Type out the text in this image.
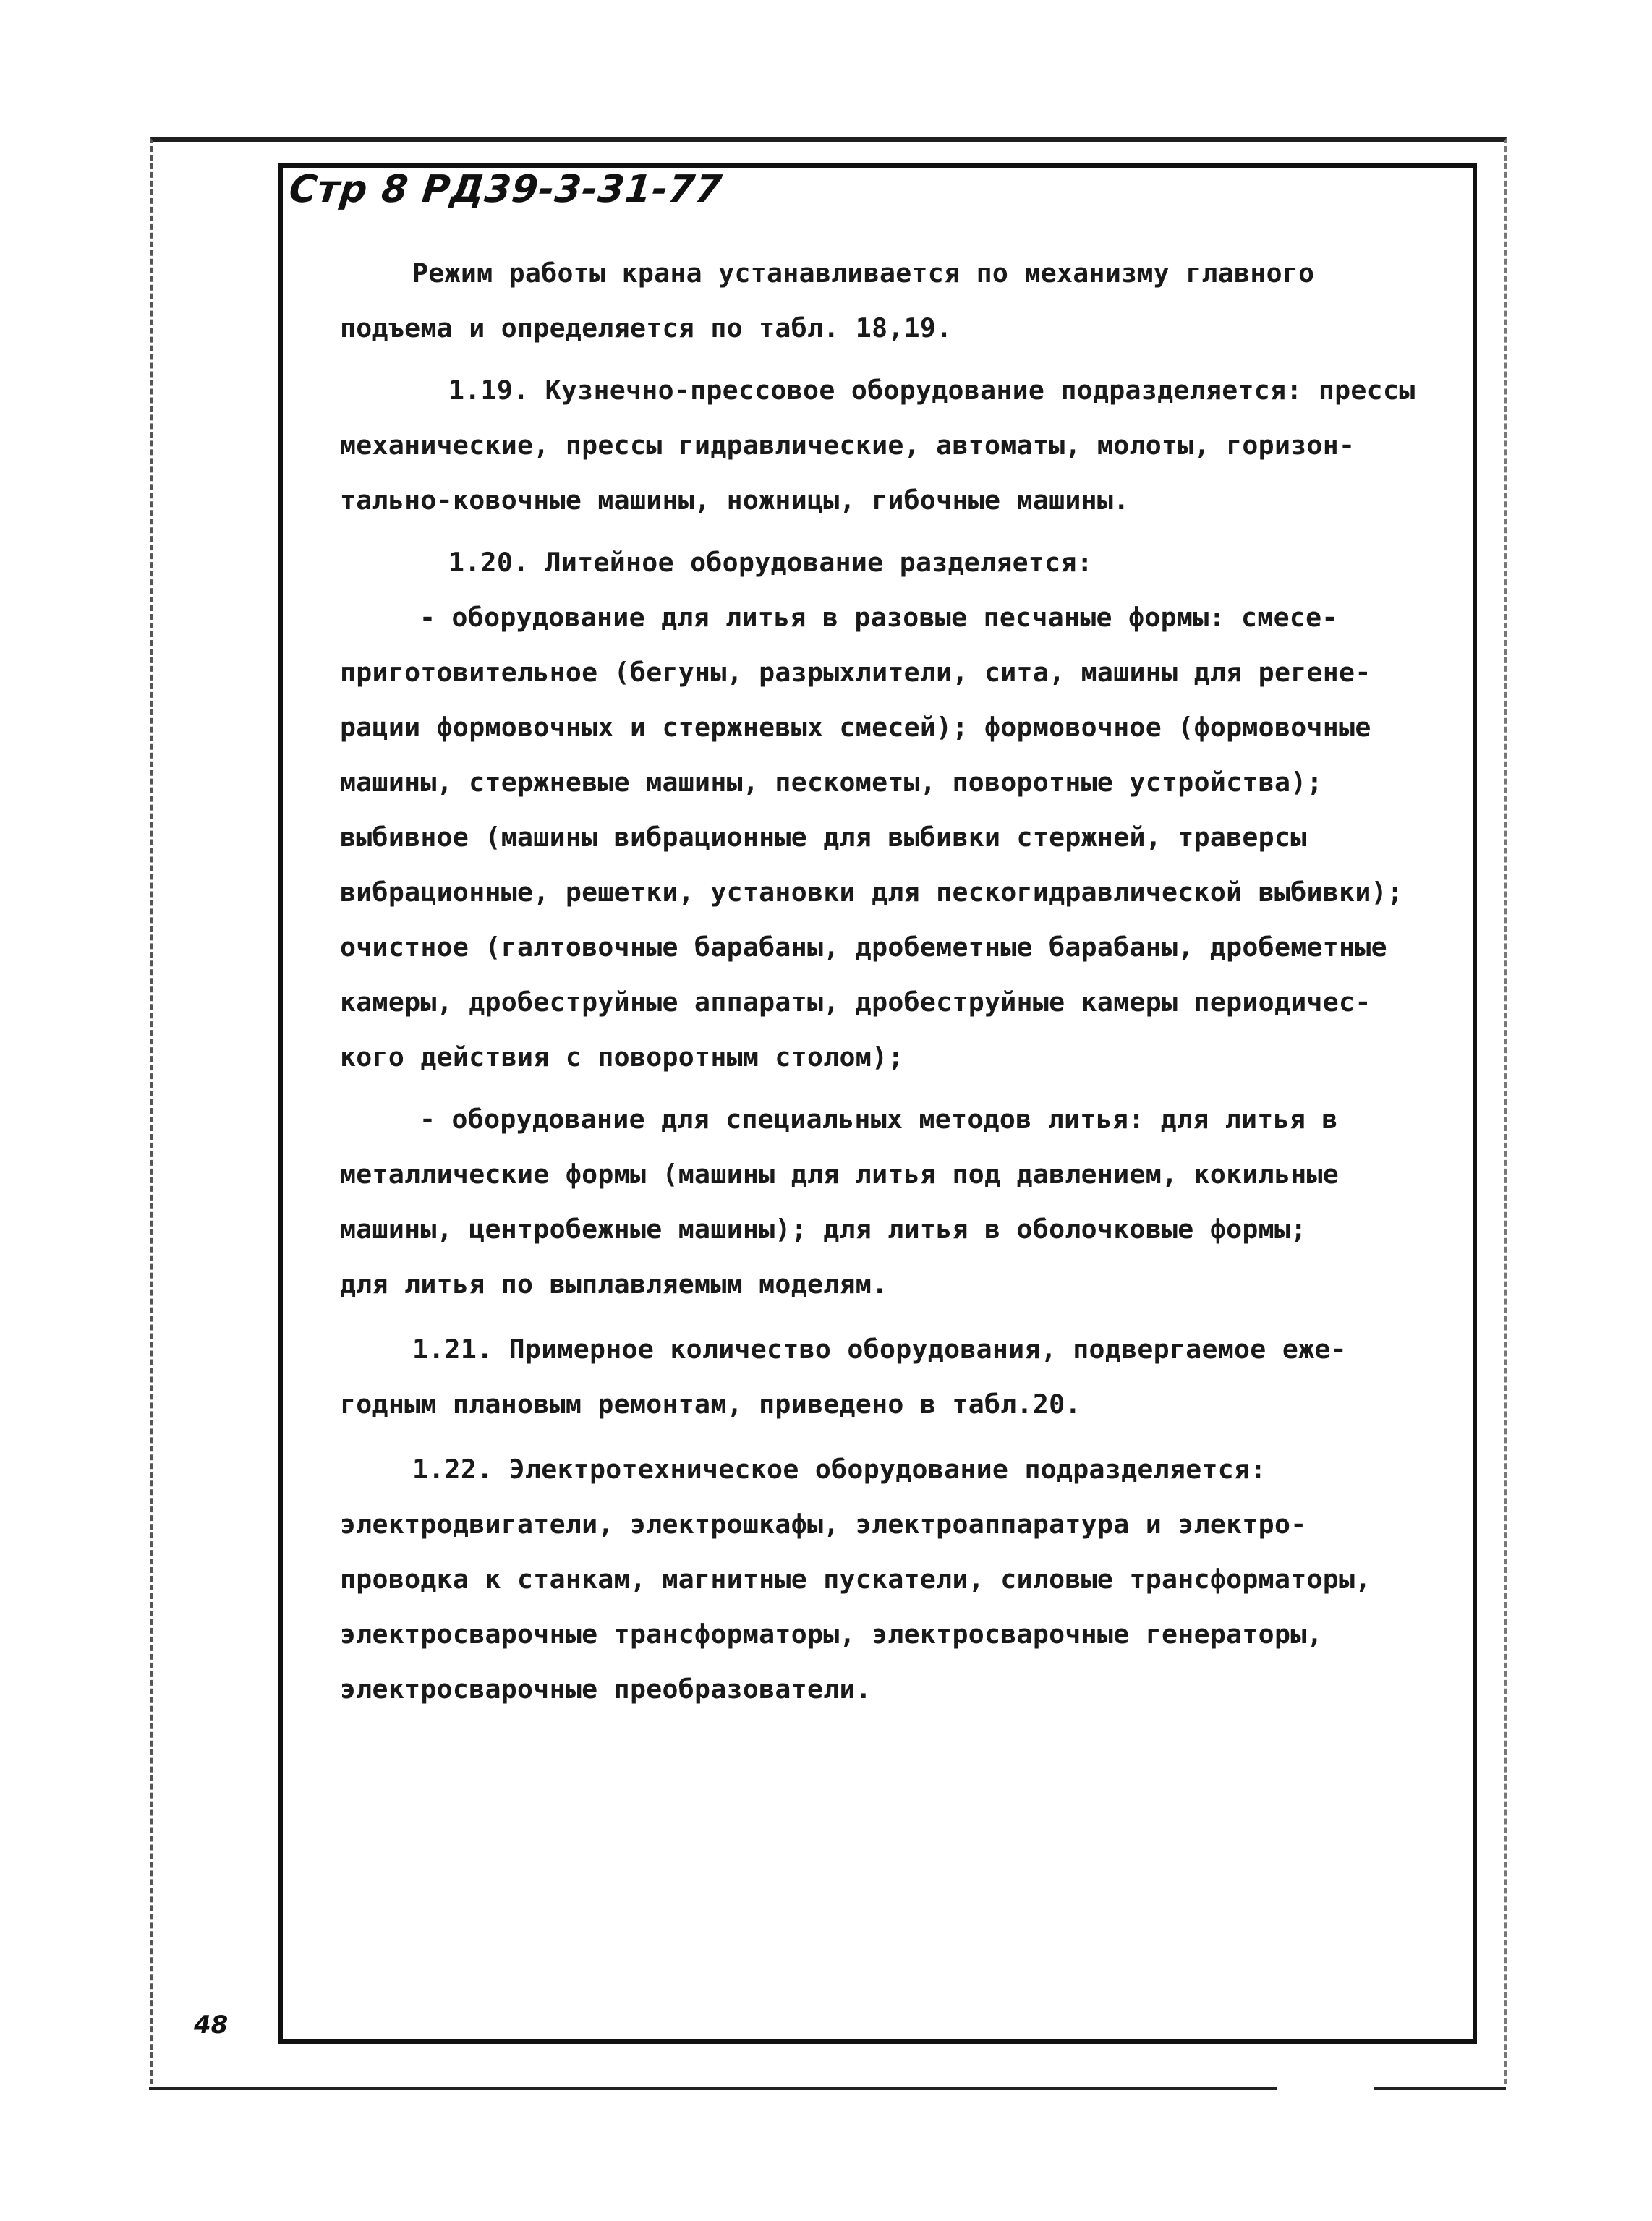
Стр 8 РД39-3-31-77
Режим работы крана устанавливается по механизму главного
подъема и определяется по табл. 18,19.
1.19. Кузнечно-прессовое оборудование подразделяется: прессы
механические, прессы гидравлические, автоматы, молоты, горизон-
тально-ковочные машины, ножницы, гибочные машины.
1.20. Литейное оборудование разделяется:
- оборудование для литья в разовые песчаные формы: смесе-
приготовительное (бегуны, разрыхлители, сита, машины для регене-
рации формовочных и стержневых смесей); формовочное (формовочные
машины, стержневые машины, пескометы, поворотные устройства);
выбивное (машины вибрационные для выбивки стержней, траверсы
вибрационные, решетки, установки для пескогидравлической выбивки);
очистное (галтовочные барабаны, дробеметные барабаны, дробеметные
камеры, дробеструйные аппараты, дробеструйные камеры периодичес-
кого действия с поворотным столом);
- оборудование для специальных методов литья: для литья в
металлические формы (машины для литья под давлением, кокильные
машины, центробежные машины); для литья в оболочковые формы;
для литья по выплавляемым моделям.
1.21. Примерное количество оборудования, подвергаемое еже-
годным плановым ремонтам, приведено в табл.20.
1.22. Электротехническое оборудование подразделяется:
электродвигатели, электрошкафы, электроаппаратура и электро-
проводка к станкам, магнитные пускатели, силовые трансформаторы,
электросварочные трансформаторы, электросварочные генераторы,
электросварочные преобразователи.
48
